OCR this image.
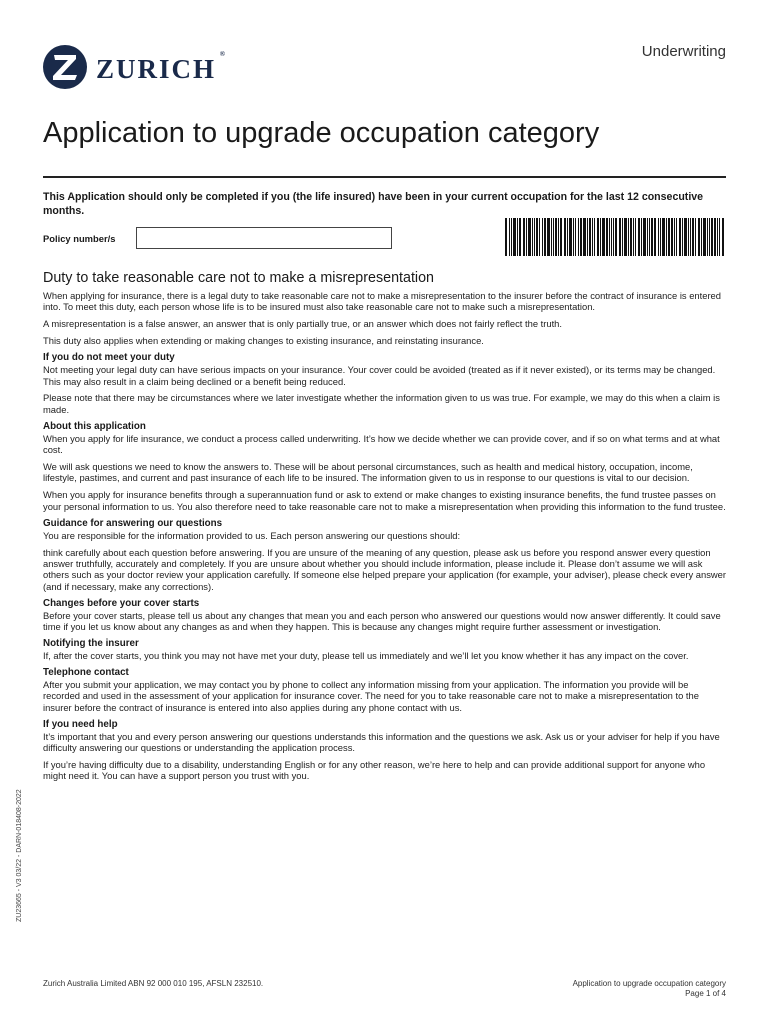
ZURICH ®	Underwriting
Application to upgrade occupation category

This Application should only be completed if you (the life insured) have been in your current occupation for the last 12 consecutive months.

Policy number/s
Duty to take reasonable care not to make a misrepresentation

When applying for insurance, there is a legal duty to take reasonable care not to make a misrepresentation to the insurer before the contract of insurance is entered into. To meet this duty, each person whose life is to be insured must also take reasonable care not to make such a misrepresentation.

A misrepresentation is a false answer, an answer that is only partially true, or an answer which does not fairly reflect the truth.

This duty also applies when extending or making changes to existing insurance, and reinstating insurance.

If you do not meet your duty

Not meeting your legal duty can have serious impacts on your insurance. Your cover could be avoided (treated as if it never existed), or its terms may be changed. This may also result in a claim being declined or a benefit being reduced.

Please note that there may be circumstances where we later investigate whether the information given to us was true. For example, we may do this when a claim is made.

About this application

When you apply for life insurance, we conduct a process called underwriting. It’s how we decide whether we can provide cover, and if so on what terms and at what cost.

We will ask questions we need to know the answers to. These will be about personal circumstances, such as health and medical history, occupation, income, lifestyle, pastimes, and current and past insurance of each life to be insured. The information given to us in response to our questions is vital to our decision.

When you apply for insurance benefits through a superannuation fund or ask to extend or make changes to existing insurance benefits, the fund trustee passes on your personal information to us. You also therefore need to take reasonable care not to make a misrepresentation when providing this information to the fund trustee.

Guidance for answering our questions

You are responsible for the information provided to us. Each person answering our questions should:

think carefully about each question before answering. If you are unsure of the meaning of any question, please ask us before you respond answer every question answer truthfully, accurately and completely. If you are unsure about whether you should include information, please include it. Please don’t assume we will ask others such as your doctor review your application carefully. If someone else helped prepare your application (for example, your adviser), please check every answer (and if necessary, make any corrections).

Changes before your cover starts

Before your cover starts, please tell us about any changes that mean you and each person who answered our questions would now answer differently. It could save time if you let us know about any changes as and when they happen. This is because any changes might require further assessment or investigation.

Notifying the insurer

If, after the cover starts, you think you may not have met your duty, please tell us immediately and we’ll let you know whether it has any impact on the cover.

Telephone contact

After you submit your application, we may contact you by phone to collect any information missing from your application. The information you provide will be recorded and used in the assessment of your application for insurance cover. The need for you to take reasonable care not to make a misrepresentation to the insurer before the contract of insurance is entered into also applies during any phone contact with us.

If you need help

It’s important that you and every person answering our questions understands this information and the questions we ask. Ask us or your adviser for help if you have difficulty answering our questions or understanding the application process.

If you’re having difficulty due to a disability, understanding English or for any other reason, we’re here to help and can provide additional support for anyone who might need it. You can have a support person you trust with you.

ZU23665 - V3 03/22 - DARN-018408-2022
Zurich Australia Limited ABN 92 000 010 195, AFSLN 232510.	Application to upgrade occupation category
Page 1 of 4
